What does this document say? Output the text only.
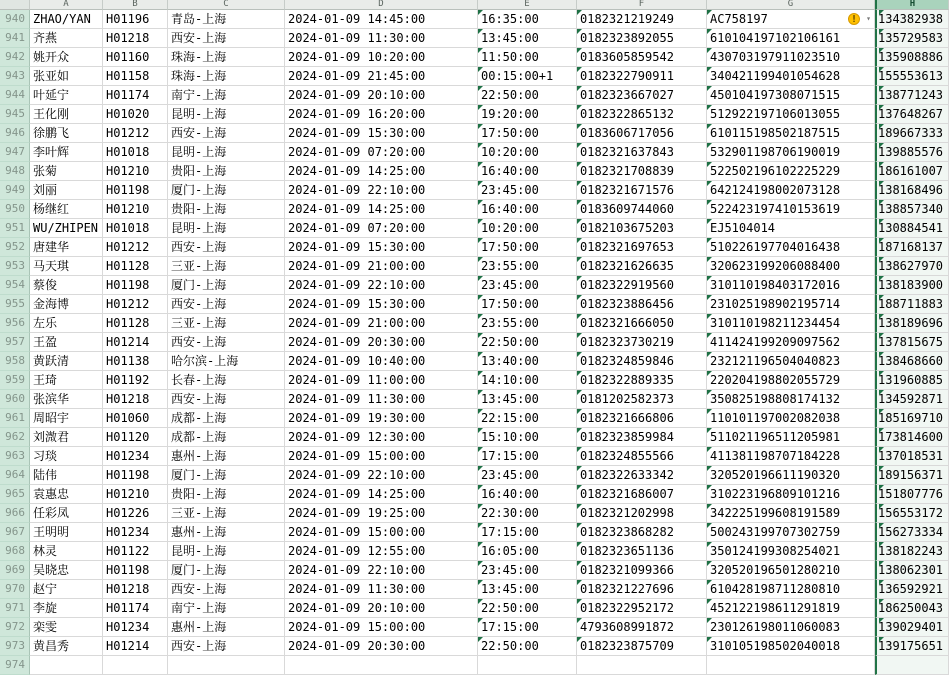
A	B	C	D	E	F	G	H
940 ZHAO/YAN	H01196	青岛-上海	2024-01-09 14:45:00	16:35:00	0182321219249	AC758197	!	▾ 134382938
941 齐燕	H01218	西安-上海	2024-01-09 11:30:00	13:45:00	0182323892055	610104197102106161	135729583
942 姚开众	H01160	珠海-上海	2024-01-09 10:20:00	11:50:00	0183605859542	430703197911023510	135908886
943 张亚如	H01158	珠海-上海	2024-01-09 21:45:00	00:15:00+1	0182322790911	340421199401054628	155553613
944 叶延宁	H01174	南宁-上海	2024-01-09 20:10:00	22:50:00	0182323667027	450104197308071515	138771243
945 王化刚	H01020	昆明-上海	2024-01-09 16:20:00	19:20:00	0182322865132	512922197106013055	137648267
946 徐鹏飞	H01212	西安-上海	2024-01-09 15:30:00	17:50:00	0183606717056	610115198502187515	189667333
947 李叶辉	H01018	昆明-上海	2024-01-09 07:20:00	10:20:00	0182321637843	532901198706190019	139885576
948 张菊	H01210	贵阳-上海	2024-01-09 14:25:00	16:40:00	0182321708839	522502196102225229	186161007
949 刘丽	H01198	厦门-上海	2024-01-09 22:10:00	23:45:00	0182321671576	642124198002073128	138168496
950 杨继红	H01210	贵阳-上海	2024-01-09 14:25:00	16:40:00	0183609744060	522423197410153619	138857340
951 WU/ZHIPEN H01018	昆明-上海	2024-01-09 07:20:00	10:20:00	0182103675203	EJ5104014	130884541
952 唐建华	H01212	西安-上海	2024-01-09 15:30:00	17:50:00	0182321697653	510226197704016438	187168137
953 马天琪	H01128	三亚-上海	2024-01-09 21:00:00	23:55:00	0182321626635	320623199206088400	138627970
954 蔡俊	H01198	厦门-上海	2024-01-09 22:10:00	23:45:00	0182322919560	310110198403172016	138183900
955 金海博	H01212	西安-上海	2024-01-09 15:30:00	17:50:00	0182323886456	231025198902195714	188711883
956 左乐	H01128	三亚-上海	2024-01-09 21:00:00	23:55:00	0182321666050	310110198211234454	138189696
957 王盈	H01214	西安-上海	2024-01-09 20:30:00	22:50:00	0182323730219	411424199209097562	137815675
958 黄跃清	H01138	哈尔滨-上海	2024-01-09 10:40:00	13:40:00	0182324859846	232121196504040823	138468660
959 王琦	H01192	长春-上海	2024-01-09 11:00:00	14:10:00	0182322889335	220204198802055729	131960885
960 张滨华	H01218	西安-上海	2024-01-09 11:30:00	13:45:00	0181202582373	350825198808174132	134592871
961 周昭宇	H01060	成都-上海	2024-01-09 19:30:00	22:15:00	0182321666806	110101197002082038	185169710
962 刘溦君	H01120	成都-上海	2024-01-09 12:30:00	15:10:00	0182323859984	511021196511205981	173814600
963 习琰	H01234	惠州-上海	2024-01-09 15:00:00	17:15:00	0182324855566	411381198707184228	137018531
964 陆伟	H01198	厦门-上海	2024-01-09 22:10:00	23:45:00	0182322633342	320520196611190320	189156371
965 袁惠忠	H01210	贵阳-上海	2024-01-09 14:25:00	16:40:00	0182321686007	310223196809101216	151807776
966 任彩凤	H01226	三亚-上海	2024-01-09 19:25:00	22:30:00	0182321202998	342225199608191589	156553172
967 王明明	H01234	惠州-上海	2024-01-09 15:00:00	17:15:00	0182323868282	500243199707302759	156273334
968 林灵	H01122	昆明-上海	2024-01-09 12:55:00	16:05:00	0182323651136	350124199308254021	138182243
969 吴晓忠	H01198	厦门-上海	2024-01-09 22:10:00	23:45:00	0182321099366	320520196501280210	138062301
970 赵宁	H01218	西安-上海	2024-01-09 11:30:00	13:45:00	0182321227696	610428198711280810	136592921
971 李旋	H01174	南宁-上海	2024-01-09 20:10:00	22:50:00	0182322952172	452122198611291819	186250043
972 栾雯	H01234	惠州-上海	2024-01-09 15:00:00	17:15:00	4793608991872	230126198011060083	139029401
973 黄昌秀	H01214	西安-上海	2024-01-09 20:30:00	22:50:00	0182323875709	310105198502040018	139175651
974
